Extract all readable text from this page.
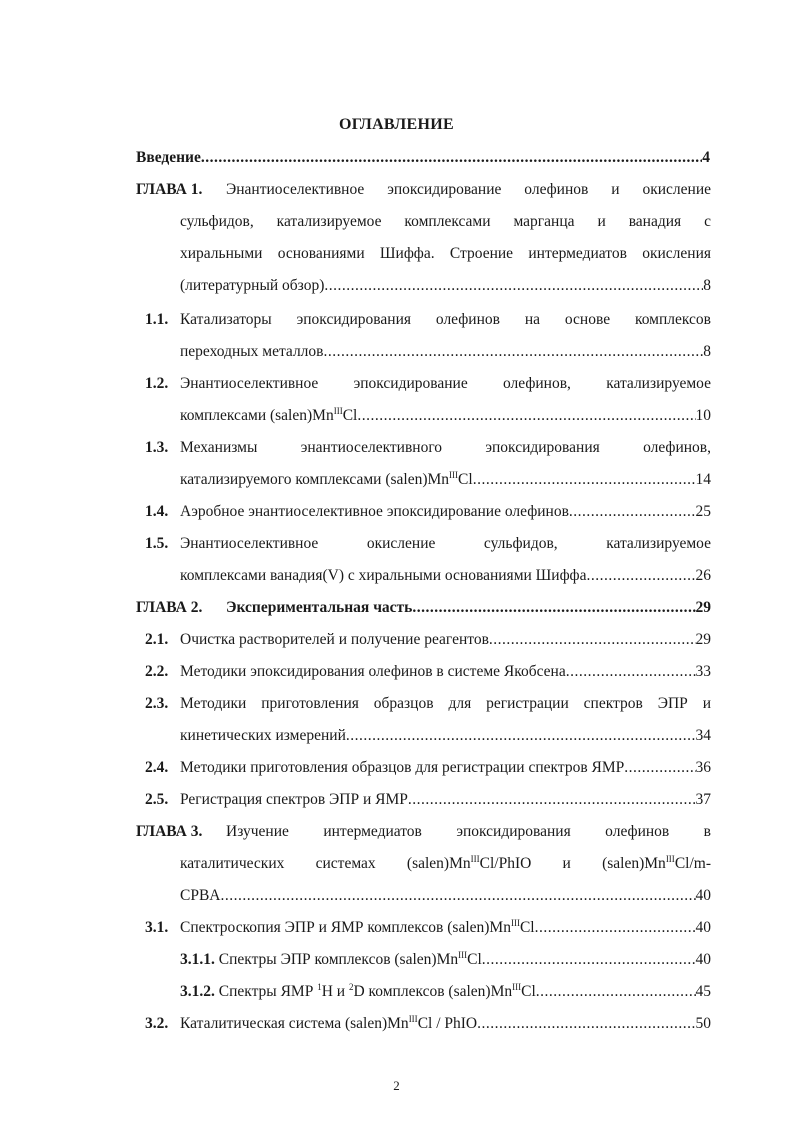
ОГЛАВЛЕНИЕ
Введение .....	4
ГЛАВА 1. Энантиоселективное эпоксидирование олефинов и окисление
сульфидов, катализируемое комплексами марганца и ванадия с
хиральными основаниями Шиффа. Строение интермедиатов окисления
(литературный обзор) .....	8
1.1. Катализаторы эпоксидирования олефинов на основе комплексов
переходных металлов .....	8
1.2. Энантиоселективное эпоксидирование олефинов, катализируемое
комплексами $(salen)Mn^{III}Cl$ .....	10
1.3. Механизмы энантиоселективного эпоксидирования олефинов,
катализируемого комплексами $(salen)Mn^{III}Cl$ .....	14
1.4. Аэробное энантиоселективное эпоксидирование олефинов .....	25
1.5. Энантиоселективное окисление сульфидов, катализируемое
комплексами ванадия(V) с хиральными основаниями Шиффа .....	26
ГЛАВА 2. Экспериментальная часть .....	29
2.1. Очистка растворителей и получение реагентов .....	29
2.2. Методики эпоксидирования олефинов в системе Якобсена .....	33
2.3. Методики приготовления образцов для регистрации спектров ЭПР и
кинетических измерений .....	34
2.4. Методики приготовления образцов для регистрации спектров ЯМР .....	36
2.5. Регистрация спектров ЭПР и ЯМР .....	37
ГЛАВА 3. Изучение интермедиатов эпоксидирования олефинов в
каталитических системах $(salen)Mn^{III}Cl$/PhIO и $(salen)Mn^{III}Cl/m-$
CPBA .....	40
3.1. Спектроскопия ЭПР и ЯМР комплексов $(salen)Mn^{III}Cl$ .....	40
3.1.1. Спектры ЭПР комплексов $(salen)Mn^{III}Cl$ .....	40
3.1.2. Спектры ЯМР $^1$H и $^2$D комплексов $(salen)Mn^{III}Cl$ .....	45
3.2. Каталитическая система $(salen)Mn^{III}Cl$ / PhIO .....	50
2
